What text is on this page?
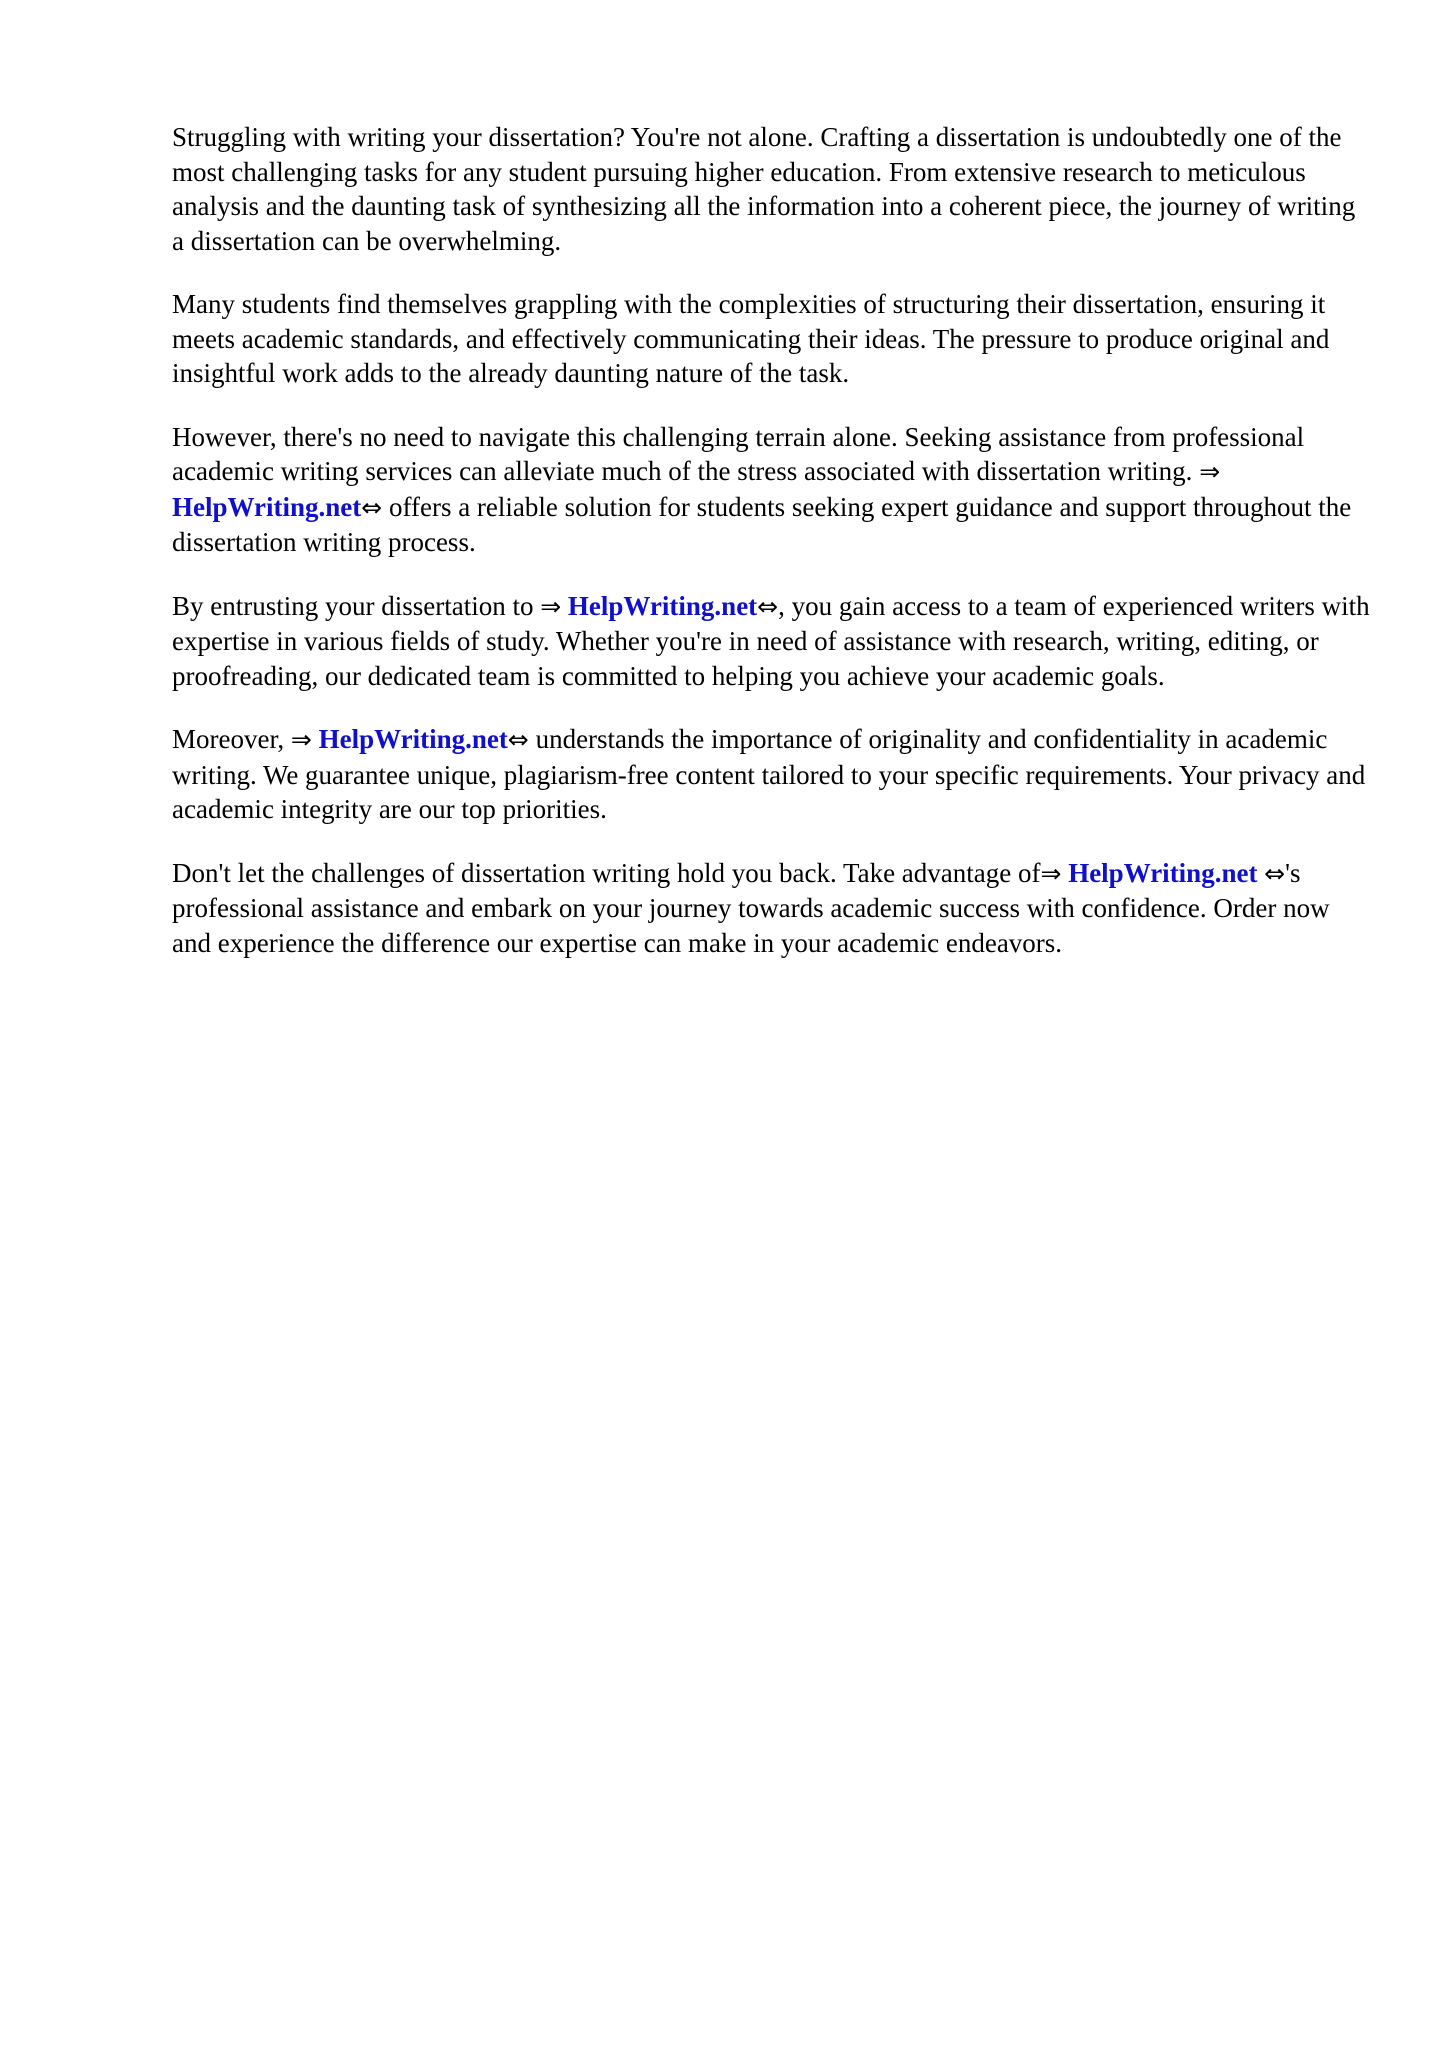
Struggling with writing your dissertation? You're not alone. Crafting a dissertation is undoubtedly one of the most challenging tasks for any student pursuing higher education. From extensive research to meticulous analysis and the daunting task of synthesizing all the information into a coherent piece, the journey of writing a dissertation can be overwhelming.

Many students find themselves grappling with the complexities of structuring their dissertation, ensuring it meets academic standards, and effectively communicating their ideas. The pressure to produce original and insightful work adds to the already daunting nature of the task.

However, there's no need to navigate this challenging terrain alone. Seeking assistance from professional academic writing services can alleviate much of the stress associated with dissertation writing. ⇒ HelpWriting.net⇔ offers a reliable solution for students seeking expert guidance and support throughout the dissertation writing process.

By entrusting your dissertation to ⇒ HelpWriting.net⇔, you gain access to a team of experienced writers with expertise in various fields of study. Whether you're in need of assistance with research, writing, editing, or proofreading, our dedicated team is committed to helping you achieve your academic goals.

Moreover, ⇒ HelpWriting.net⇔ understands the importance of originality and confidentiality in academic writing. We guarantee unique, plagiarism-free content tailored to your specific requirements. Your privacy and academic integrity are our top priorities.

Don't let the challenges of dissertation writing hold you back. Take advantage of⇒ HelpWriting.net ⇔'s professional assistance and embark on your journey towards academic success with confidence. Order now and experience the difference our expertise can make in your academic endeavors.
